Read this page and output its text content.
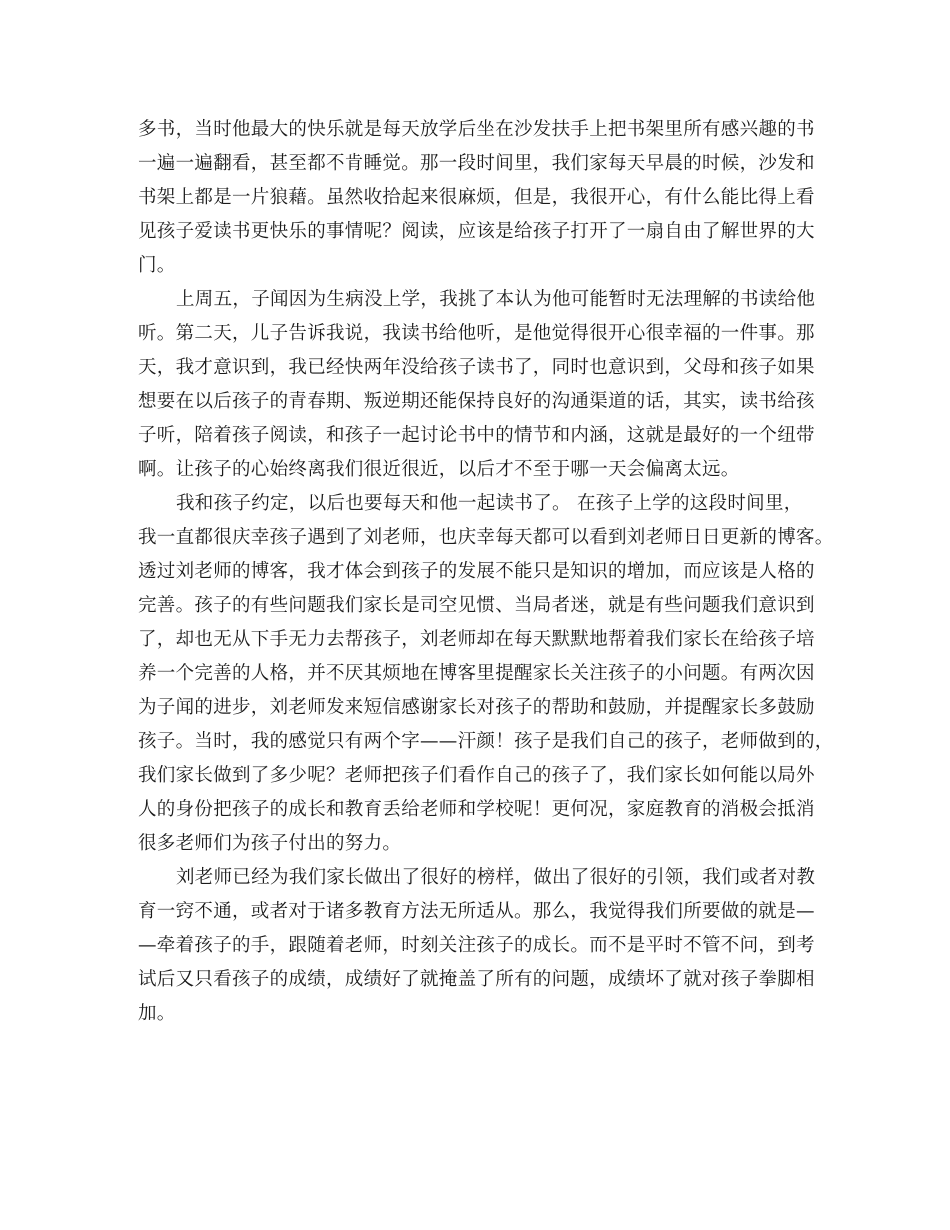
多书，当时他最大的快乐就是每天放学后坐在沙发扶手上把书架里所有感兴趣的书
一遍一遍翻看，甚至都不肯睡觉。那一段时间里，我们家每天早晨的时候，沙发和
书架上都是一片狼藉。虽然收拾起来很麻烦，但是，我很开心，有什么能比得上看
见孩子爱读书更快乐的事情呢？阅读，应该是给孩子打开了一扇自由了解世界的大
门。
上周五，子闻因为生病没上学，我挑了本认为他可能暂时无法理解的书读给他
听。第二天，儿子告诉我说，我读书给他听，是他觉得很开心很幸福的一件事。那
天，我才意识到，我已经快两年没给孩子读书了，同时也意识到，父母和孩子如果
想要在以后孩子的青春期、叛逆期还能保持良好的沟通渠道的话，其实，读书给孩
子听，陪着孩子阅读，和孩子一起讨论书中的情节和内涵，这就是最好的一个纽带
啊。让孩子的心始终离我们很近很近，以后才不至于哪一天会偏离太远。
我和孩子约定，以后也要每天和他一起读书了。 在孩子上学的这段时间里，
我一直都很庆幸孩子遇到了刘老师，也庆幸每天都可以看到刘老师日日更新的博客。
透过刘老师的博客，我才体会到孩子的发展不能只是知识的增加，而应该是人格的
完善。孩子的有些问题我们家长是司空见惯、当局者迷，就是有些问题我们意识到
了，却也无从下手无力去帮孩子，刘老师却在每天默默地帮着我们家长在给孩子培
养一个完善的人格，并不厌其烦地在博客里提醒家长关注孩子的小问题。有两次因
为子闻的进步，刘老师发来短信感谢家长对孩子的帮助和鼓励，并提醒家长多鼓励
孩子。当时，我的感觉只有两个字——汗颜！孩子是我们自己的孩子，老师做到的，
我们家长做到了多少呢？老师把孩子们看作自己的孩子了，我们家长如何能以局外
人的身份把孩子的成长和教育丢给老师和学校呢！更何况，家庭教育的消极会抵消
很多老师们为孩子付出的努力。
刘老师已经为我们家长做出了很好的榜样，做出了很好的引领，我们或者对教
育一窍不通，或者对于诸多教育方法无所适从。那么，我觉得我们所要做的就是—
—牵着孩子的手，跟随着老师，时刻关注孩子的成长。而不是平时不管不问，到考
试后又只看孩子的成绩，成绩好了就掩盖了所有的问题，成绩坏了就对孩子拳脚相
加。
